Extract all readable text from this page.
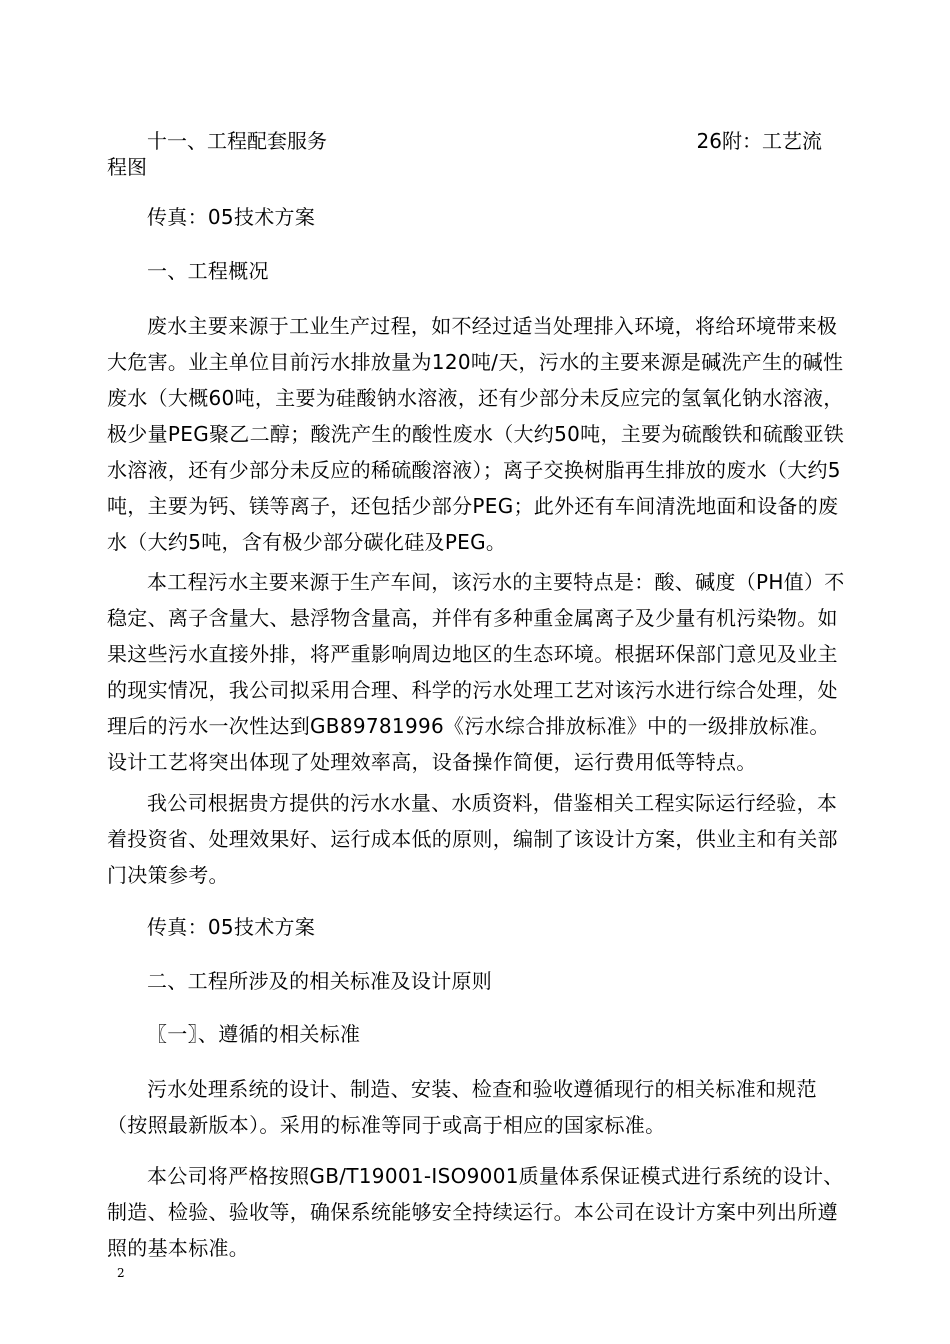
十一、工程配套服务	26附：工艺流
程图

传真：05技术方案

一、工程概况

废水主要来源于工业生产过程，如不经过适当处理排入环境，将给环境带来极大危害。业主单位目前污水排放量为120吨/天，污水的主要来源是碱洗产生的碱性废水（大概60吨，主要为硅酸钠水溶液，还有少部分未反应完的氢氧化钠水溶液，极少量PEG聚乙二醇；酸洗产生的酸性废水（大约50吨，主要为硫酸铁和硫酸亚铁水溶液，还有少部分未反应的稀硫酸溶液）；离子交换树脂再生排放的废水（大约5吨，主要为钙、镁等离子，还包括少部分PEG；此外还有车间清洗地面和设备的废水（大约5吨，含有极少部分碳化硅及PEG。

本工程污水主要来源于生产车间，该污水的主要特点是：酸、碱度（PH值）不稳定、离子含量大、悬浮物含量高，并伴有多种重金属离子及少量有机污染物。如果这些污水直接外排，将严重影响周边地区的生态环境。根据环保部门意见及业主的现实情况，我公司拟采用合理、科学的污水处理工艺对该污水进行综合处理，处理后的污水一次性达到GB89781996《污水综合排放标准》中的一级排放标准。设计工艺将突出体现了处理效率高，设备操作简便，运行费用低等特点。

我公司根据贵方提供的污水水量、水质资料，借鉴相关工程实际运行经验，本着投资省、处理效果好、运行成本低的原则，编制了该设计方案，供业主和有关部门决策参考。

传真：05技术方案

二、工程所涉及的相关标准及设计原则

〖一〗、遵循的相关标准

污水处理系统的设计、制造、安装、检查和验收遵循现行的相关标准和规范（按照最新版本）。采用的标准等同于或高于相应的国家标准。

本公司将严格按照GB/T19001-ISO9001质量体系保证模式进行系统的设计、制造、检验、验收等，确保系统能够安全持续运行。本公司在设计方案中列出所遵照的基本标准。

2
